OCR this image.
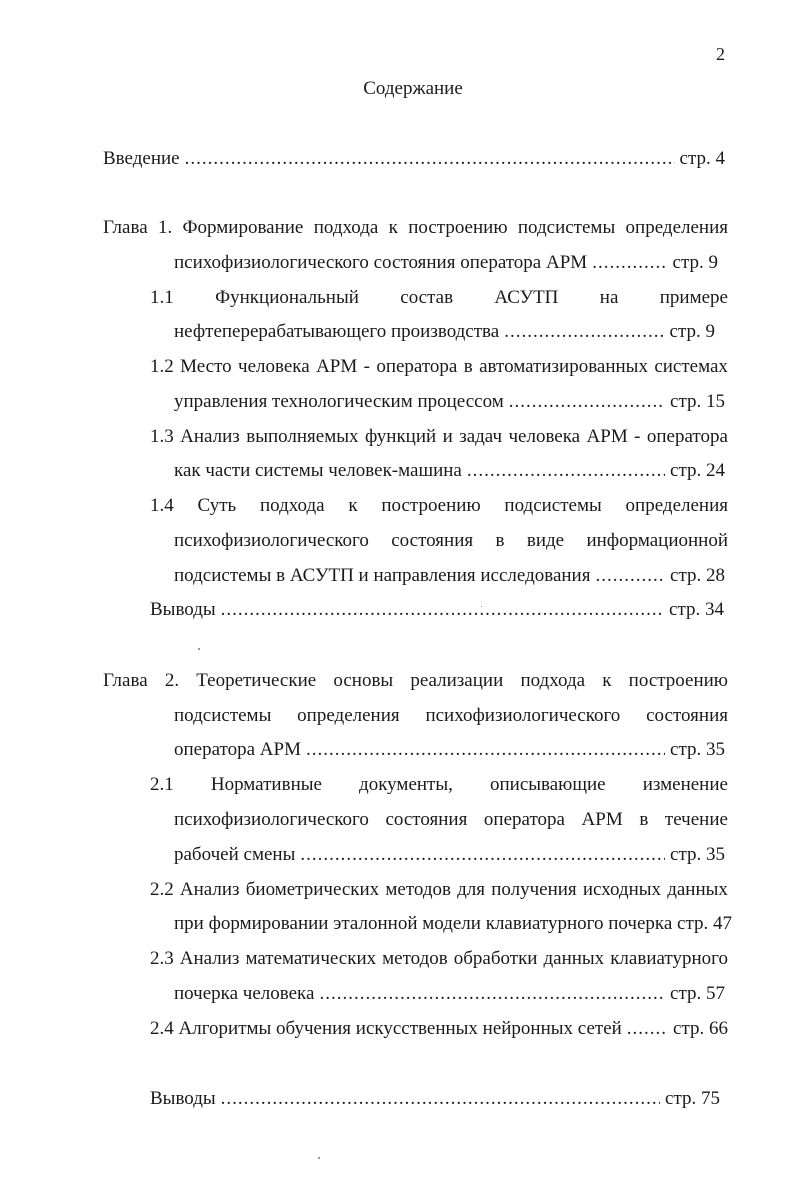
2
Содержание
Введение .....	стр. 4
Глава 1. Формирование подхода к построению подсистемы определения
психофизиологического состояния оператора АРМ .....	стр. 9
1.1 Функциональный состав АСУТП на примере
нефтеперерабатывающего производства .....	стр. 9
1.2 Место человека АРМ - оператора в автоматизированных системах
управления технологическим процессом .....	стр. 15
1.3 Анализ выполняемых функций и задач человека АРМ - оператора
как части системы человек-машина .....	стр. 24
1.4 Суть подхода к построению подсистемы определения
психофизиологического состояния в виде информационной
подсистемы в АСУТП и направления исследования .....	стр. 28
Выводы .....	стр. 34
Глава 2. Теоретические основы реализации подхода к построению
подсистемы определения психофизиологического состояния
оператора АРМ .....	стр. 35
2.1 Нормативные документы, описывающие изменение
психофизиологического состояния оператора АРМ в течение
рабочей смены .....	стр. 35
2.2 Анализ биометрических методов для получения исходных данных
при формировании эталонной модели клавиатурного почерка стр. 47
2.3 Анализ математических методов обработки данных клавиатурного
почерка человека .....	стр. 57
2.4 Алгоритмы обучения искусственных нейронных сетей .....	стр. 66
Выводы .....	стр. 75
